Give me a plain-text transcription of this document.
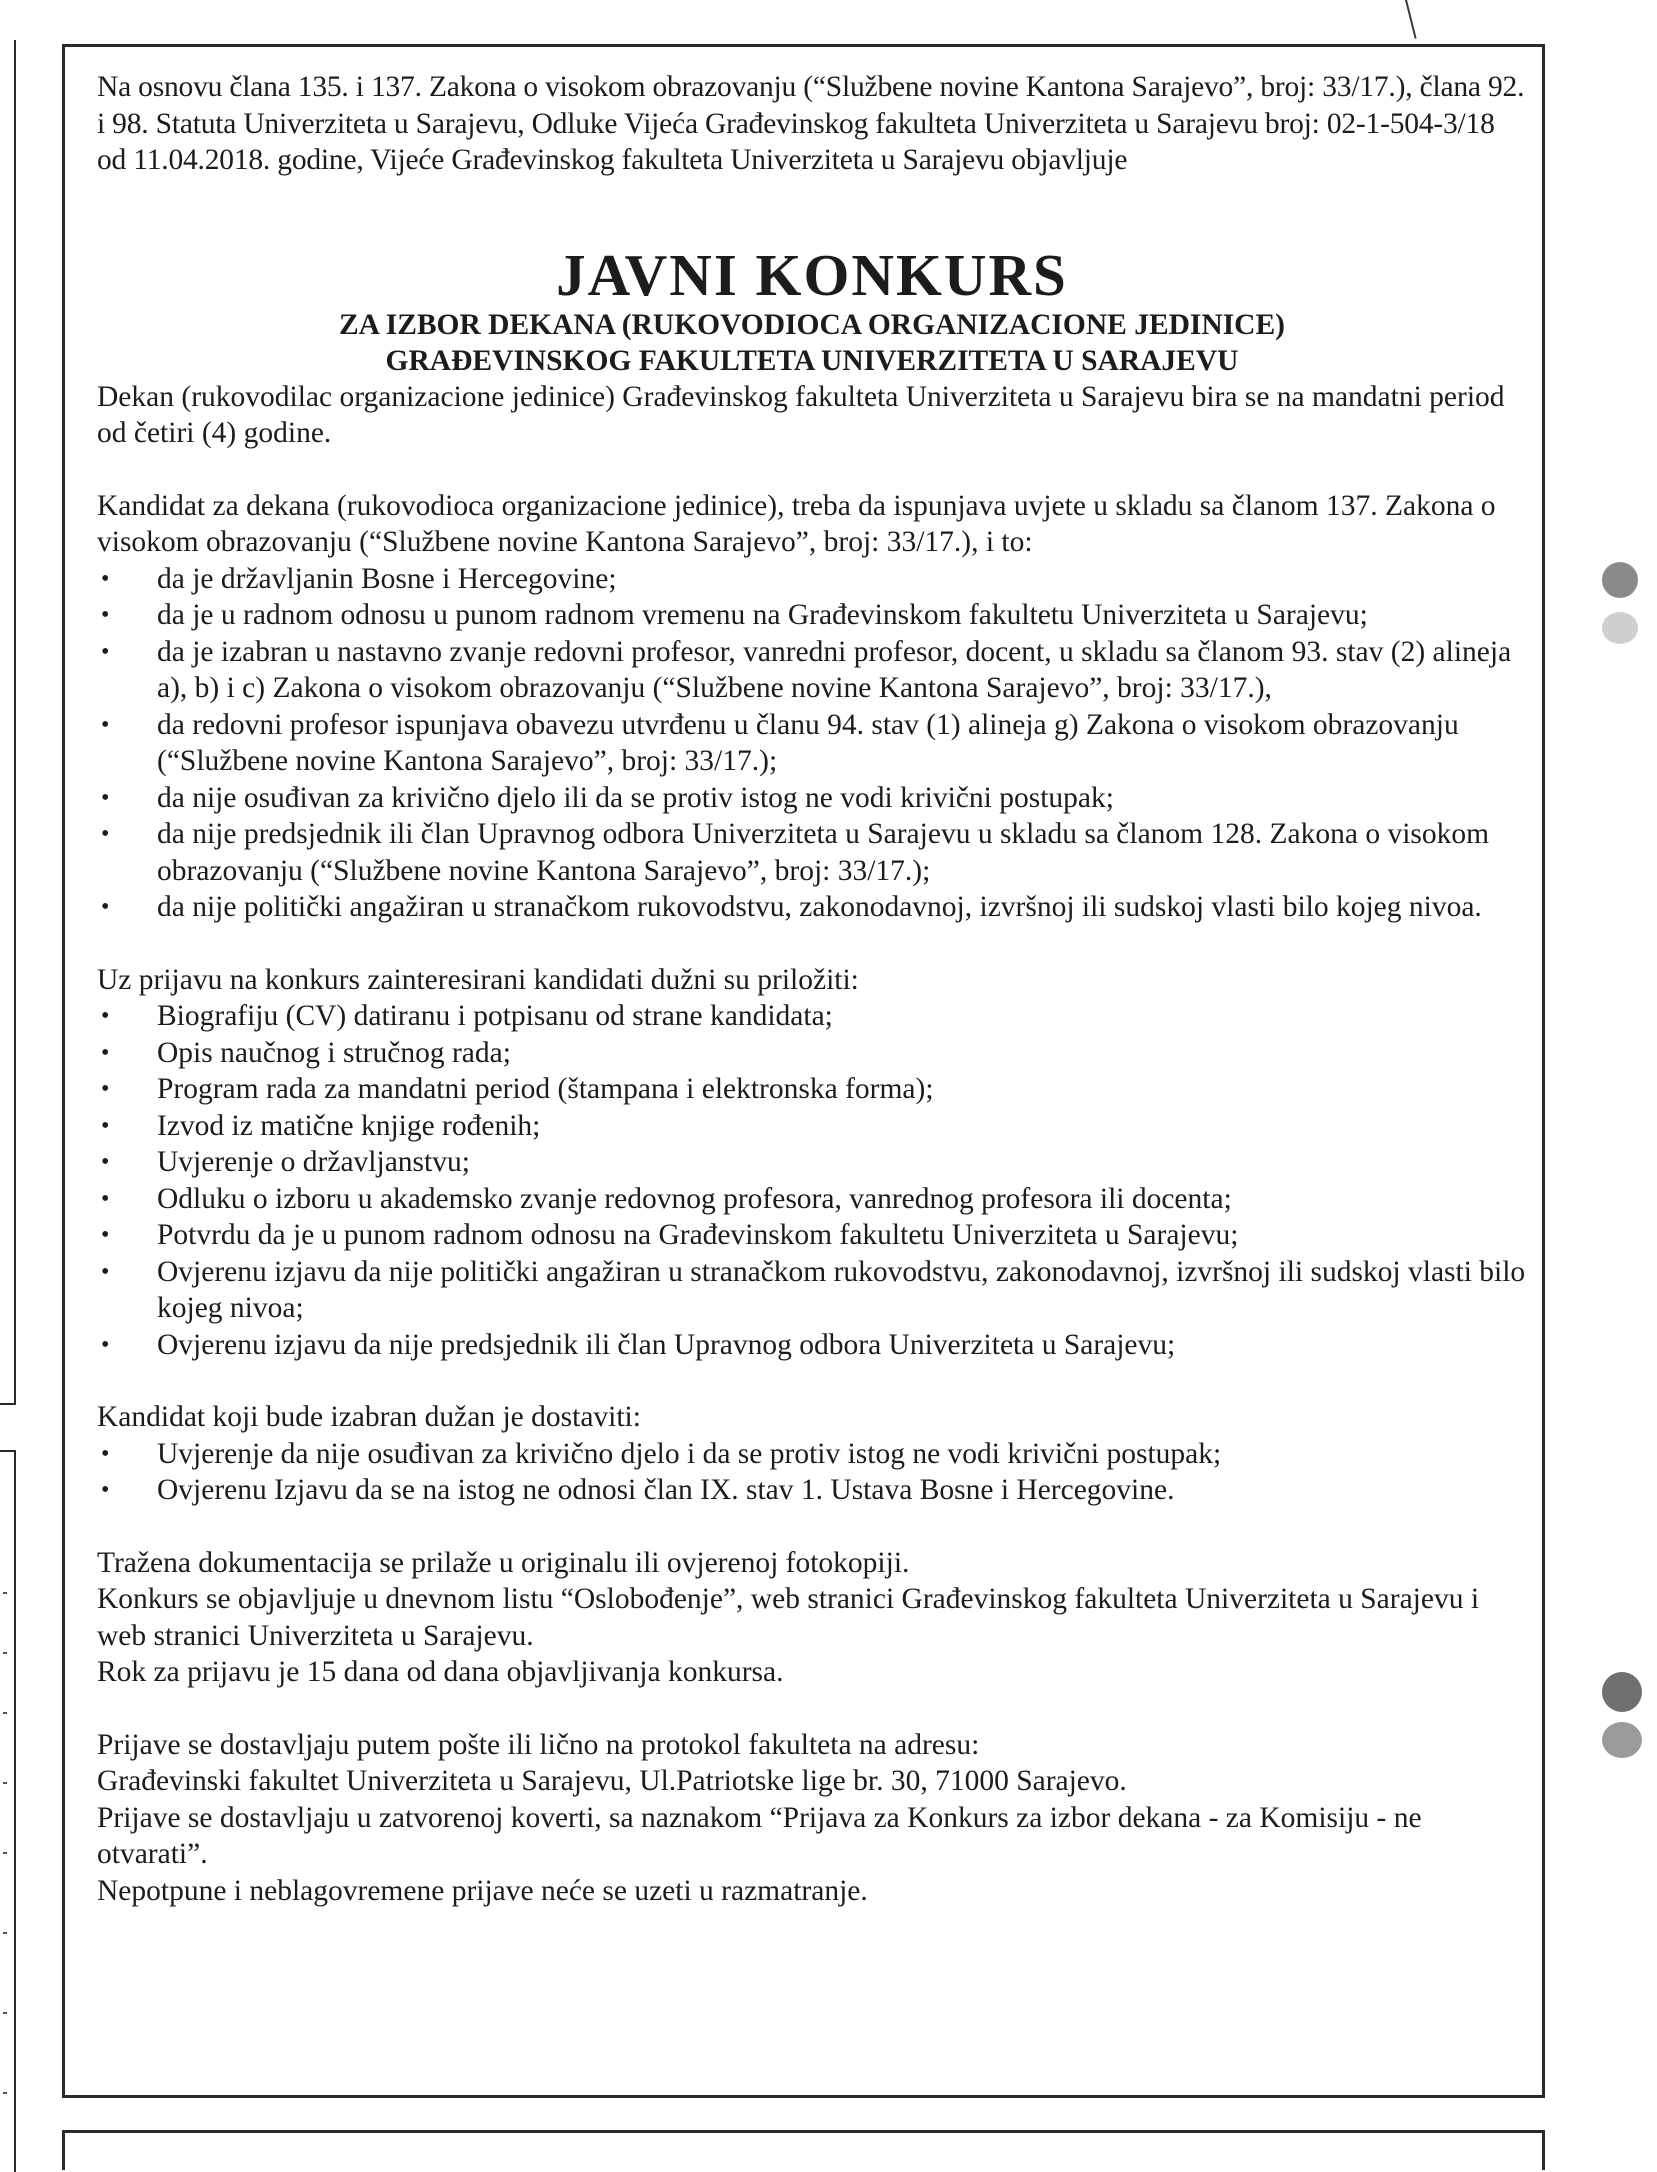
Na osnovu člana 135. i 137. Zakona o visokom obrazovanju (“Službene novine Kantona Sarajevo”, broj: 33/17.), člana 92. i 98. Statuta Univerziteta u Sarajevu, Odluke Vijeća Građevinskog fakulteta Univerziteta u Sarajevu broj: 02-1-504-3/18 od 11.04.2018. godine, Vijeće Građevinskog fakulteta Univerziteta u Sarajevu objavljuje

JAVNI KONKURS
ZA IZBOR DEKANA (RUKOVODIOCA ORGANIZACIONE JEDINICE)
GRAĐEVINSKOG FAKULTETA UNIVERZITETA U SARAJEVU

Dekan (rukovodilac organizacione jedinice) Građevinskog fakulteta Univerziteta u Sarajevu bira se na mandatni period od četiri (4) godine.

Kandidat za dekana (rukovodioca organizacione jedinice), treba da ispunjava uvjete u skladu sa članom 137. Zakona o visokom obrazovanju (“Službene novine Kantona Sarajevo”, broj: 33/17.), i to:

• da je državljanin Bosne i Hercegovine;
• da je u radnom odnosu u punom radnom vremenu na Građevinskom fakultetu Univerziteta u Sarajevu;
• da je izabran u nastavno zvanje redovni profesor, vanredni profesor, docent, u skladu sa članom 93. stav (2) alineja a), b) i c) Zakona o visokom obrazovanju (“Službene novine Kantona Sarajevo”, broj: 33/17.),
• da redovni profesor ispunjava obavezu utvrđenu u članu 94. stav (1) alineja g) Zakona o visokom obrazovanju (“Službene novine Kantona Sarajevo”, broj: 33/17.);
• da nije osuđivan za krivično djelo ili da se protiv istog ne vodi krivični postupak;
• da nije predsjednik ili član Upravnog odbora Univerziteta u Sarajevu u skladu sa članom 128. Zakona o visokom obrazovanju (“Službene novine Kantona Sarajevo”, broj: 33/17.);
• da nije politički angažiran u stranačkom rukovodstvu, zakonodavnoj, izvršnoj ili sudskoj vlasti bilo kojeg nivoa.

Uz prijavu na konkurs zainteresirani kandidati dužni su priložiti:

• Biografiju (CV) datiranu i potpisanu od strane kandidata;
• Opis naučnog i stručnog rada;
• Program rada za mandatni period (štampana i elektronska forma);
• Izvod iz matične knjige rođenih;
• Uvjerenje o državljanstvu;
• Odluku o izboru u akademsko zvanje redovnog profesora, vanrednog profesora ili docenta;
• Potvrdu da je u punom radnom odnosu na Građevinskom fakultetu Univerziteta u Sarajevu;
• Ovjerenu izjavu da nije politički angažiran u stranačkom rukovodstvu, zakonodavnoj, izvršnoj ili sudskoj vlasti bilo kojeg nivoa;
• Ovjerenu izjavu da nije predsjednik ili član Upravnog odbora Univerziteta u Sarajevu;

Kandidat koji bude izabran dužan je dostaviti:

• Uvjerenje da nije osuđivan za krivično djelo i da se protiv istog ne vodi krivični postupak;
• Ovjerenu Izjavu da se na istog ne odnosi član IX. stav 1. Ustava Bosne i Hercegovine.

Tražena dokumentacija se prilaže u originalu ili ovjerenoj fotokopiji.

Konkurs se objavljuje u dnevnom listu “Oslobođenje”, web stranici Građevinskog fakulteta Univerziteta u Sarajevu i web stranici Univerziteta u Sarajevu.

Rok za prijavu je 15 dana od dana objavljivanja konkursa.

Prijave se dostavljaju putem pošte ili lično na protokol fakulteta na adresu:

Građevinski fakultet Univerziteta u Sarajevu, Ul.Patriotske lige br. 30, 71000 Sarajevo.

Prijave se dostavljaju u zatvorenoj koverti, sa naznakom “Prijava za Konkurs za izbor dekana - za Komisiju - ne otvarati”.

Nepotpune i neblagovremene prijave neće se uzeti u razmatranje.
